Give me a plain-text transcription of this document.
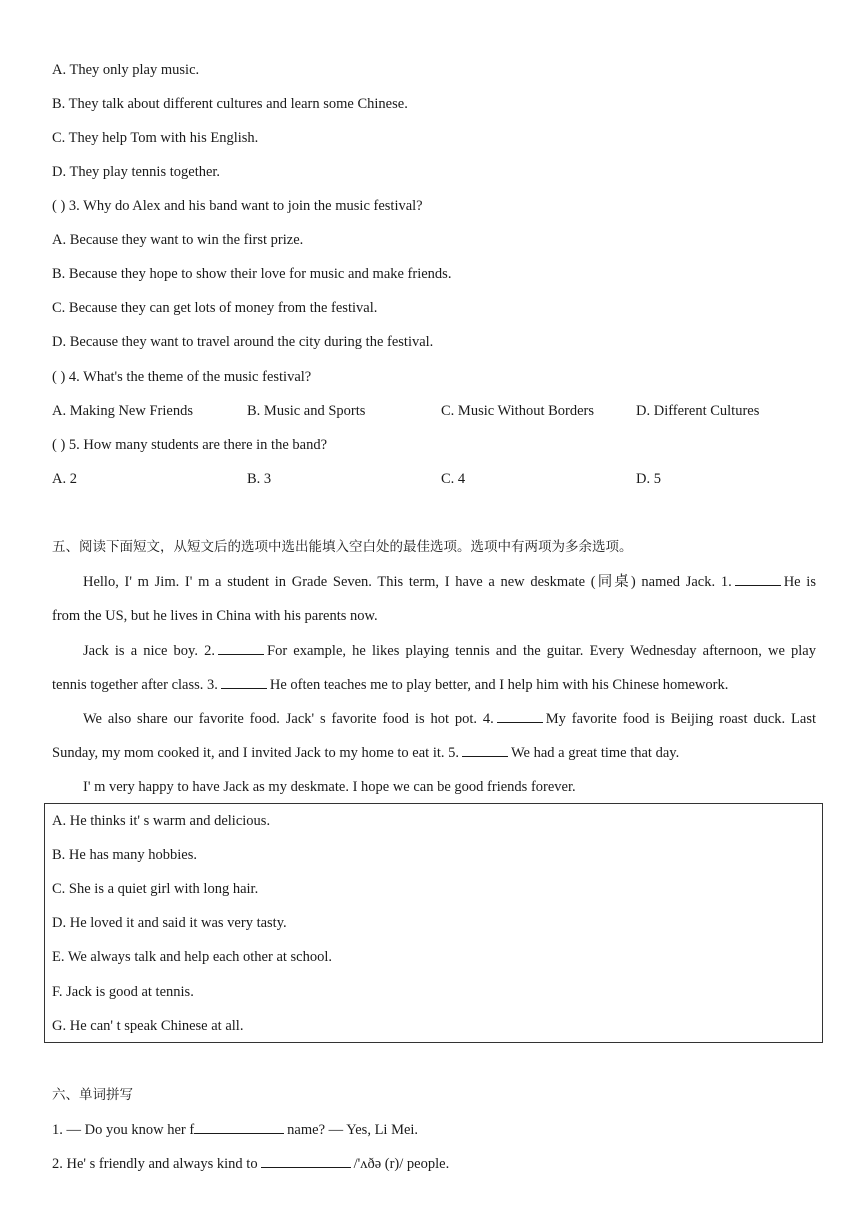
A. They only play music.
B. They talk about different cultures and learn some Chinese.
C. They help Tom with his English.
D. They play tennis together.
( ) 3. Why do Alex and his band want to join the music festival?
A. Because they want to win the first prize.
B. Because they hope to show their love for music and make friends.
C. Because they can get lots of money from the festival.
D. Because they want to travel around the city during the festival.
( ) 4. What's the theme of the music festival?
A. Making New Friends	B. Music and Sports	C. Music Without Borders	D. Different Cultures
( ) 5. How many students are there in the band?
A. 2	B. 3	C. 4	D. 5
五、阅读下面短文，从短文后的选项中选出能填入空白处的最佳选项。选项中有两项为多余选项。
Hello, I' m Jim. I' m a student in Grade Seven. This term, I have a new deskmate (同桌) named Jack. 1.	He is
from the US, but he lives in China with his parents now.
Jack is a nice boy. 2.	For example, he likes playing tennis and the guitar. Every Wednesday afternoon, we play
tennis together after class. 3.	He often teaches me to play better, and I help him with his Chinese homework.
We also share our favorite food. Jack' s favorite food is hot pot. 4.	My favorite food is Beijing roast duck. Last
Sunday, my mom cooked it, and I invited Jack to my home to eat it. 5.	We had a great time that day.
I' m very happy to have Jack as my deskmate. I hope we can be good friends forever.
A. He thinks it' s warm and delicious.
B. He has many hobbies.
C. She is a quiet girl with long hair.
D. He loved it and said it was very tasty.
E. We always talk and help each other at school.
F. Jack is good at tennis.
G. He can' t speak Chinese at all.
六、单词拼写
1. — Do you know her f	name? — Yes, Li Mei.
2. He' s friendly and always kind to	/'ʌðə (r)/ people.
